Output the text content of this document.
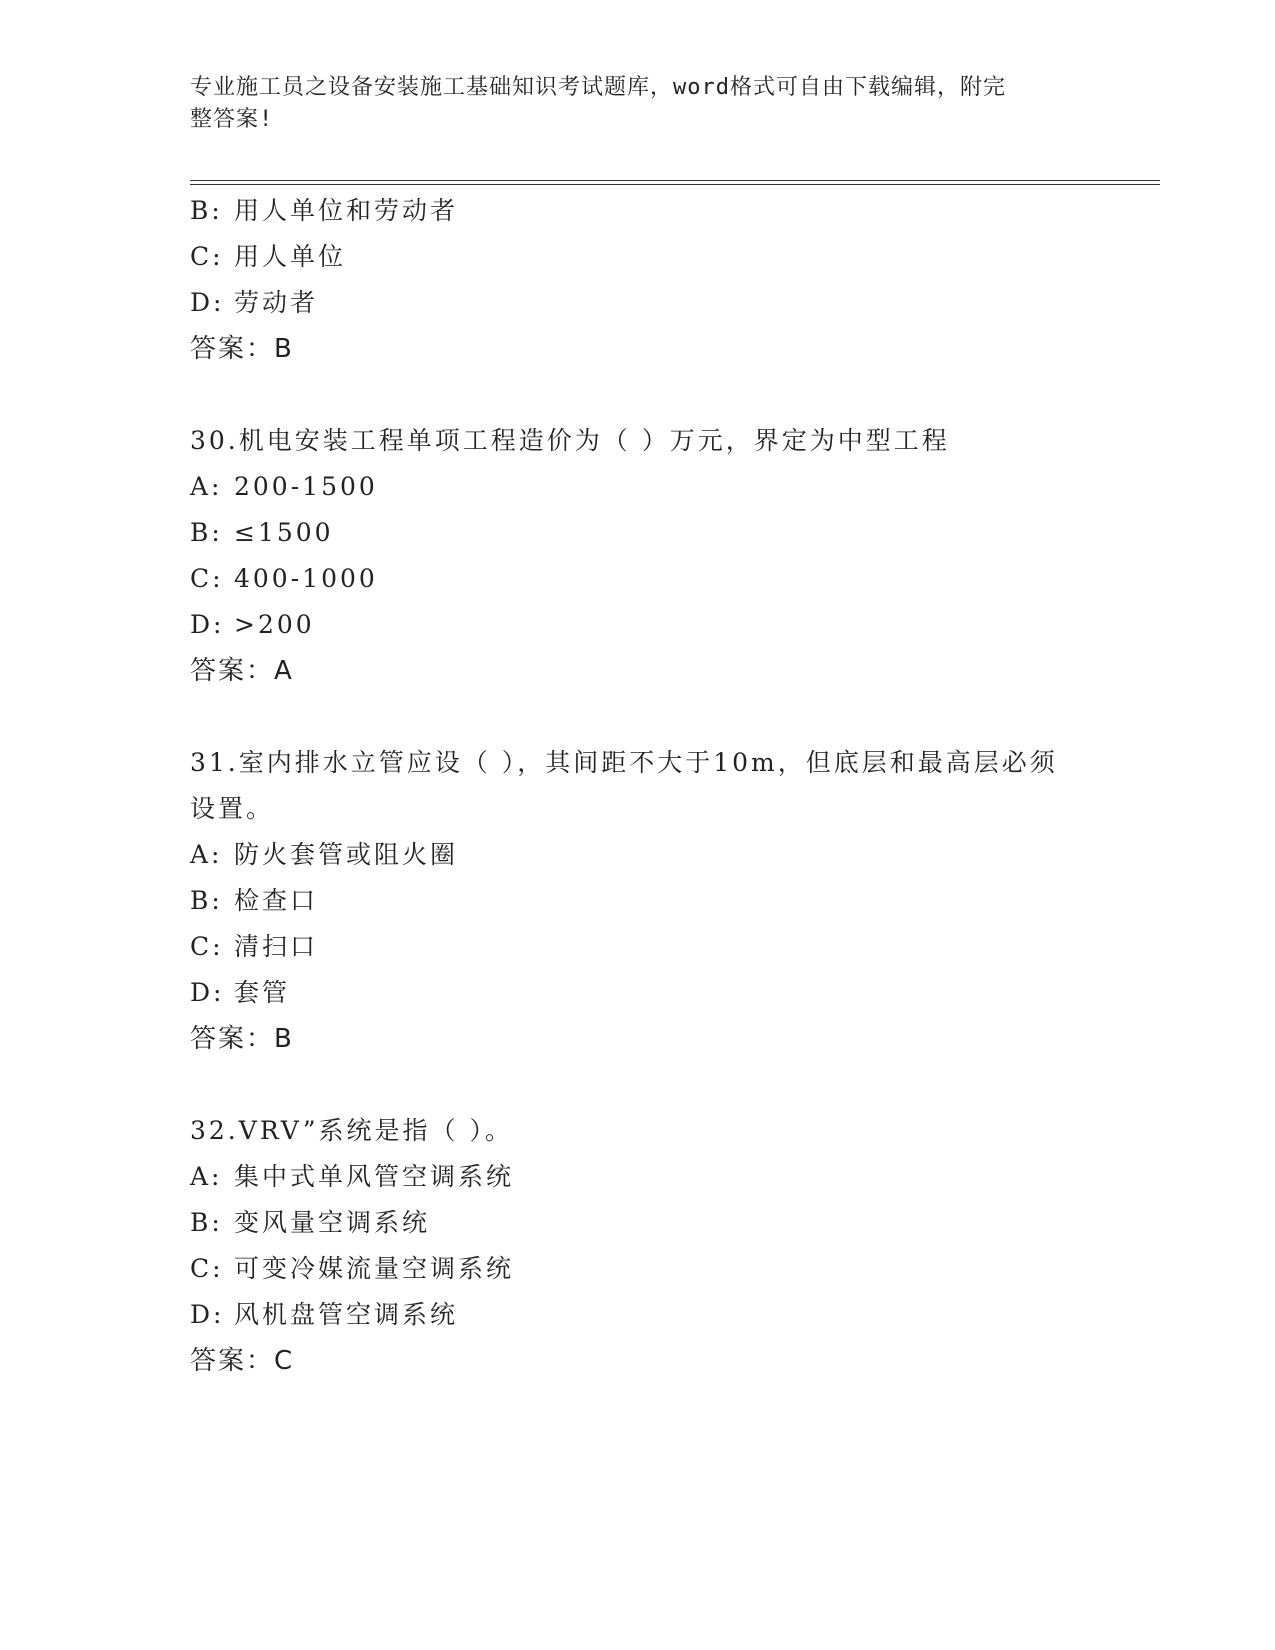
专业施工员之设备安装施工基础知识考试题库，word格式可自由下载编辑，附完
整答案!
B: 用人单位和劳动者
C: 用人单位
D: 劳动者
答案：B
30.机电安装工程单项工程造价为（ ）万元，界定为中型工程
A: 200-1500
B: ≤1500
C: 400-1000
D: >200
答案：A
31.室内排水立管应设（ ），其间距不大于10m，但底层和最高层必须
设置。
A: 防火套管或阻火圈
B: 检查口
C: 清扫口
D: 套管
答案：B
32.VRV”系统是指（ ）。
A: 集中式单风管空调系统
B: 变风量空调系统
C: 可变冷媒流量空调系统
D: 风机盘管空调系统
答案：C
